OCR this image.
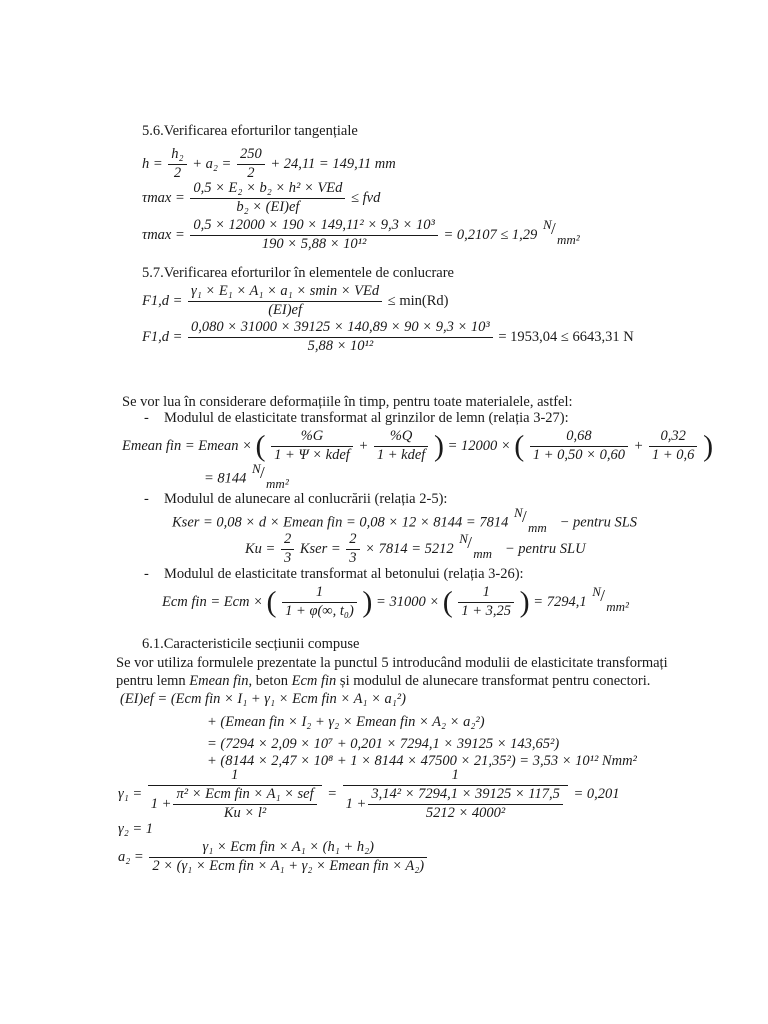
5.6.Verificarea eforturilor tangențiale
$h = \frac{\text{h₂}}{2} + a_2 = \frac{250}{2} + 24,11 = 149,11$ mm
τmax =
0,5 × E₂ × b₂ × h² × VEd
b₂ × (EI)ef
≤ fvd
$\tau\max = \frac{\text{0,5 × 12000 × 190 × 149,11² × 9,3 × 10³}}{\text{190 × 5,88 × 10¹²}} = 0,2107 \le 1,29$
N /
mm²
5.7.Verificarea eforturilor în elementele de conlucrare
F1,d =
γ₁ × E₁ × A₁ × a₁ × smin × VEd
(EI)ef
≤ min(Rd)
$F1,d = \frac{\text{0,080 × 31000 × 39125 × 140,89 × 90 × 9,3 × 10³}}{\text{5,88 × 10¹²}} = 1953,04 \le 6643,31$ N
Se vor lua în considerare deformațiile în timp, pentru toate materialele, astfel:
- Modulul de elasticitate transformat al grinzilor de lemn (relația 3-27):
Emean fin = Emean × (	%G
1 + Ψ × kdef
+
%Q
1 + kdef ) = 12000 × ( $\frac{0,68}{1 + 0,50 \times 0,60} + \frac{0,32}{1 + 0,6}$ )
= 8144
N /
mm²
- Modulul de alunecare al conlucrării (relația 2-5):
Kser = 0,08 × d × Emean fin = 0,08 × 12 × 8144 = 7814
N /
mm − pentru SLS
$Ku = \frac{2}{3}$ Kser = $\frac{2}{3} \times 7814 = 5212$
N /
mm − pentru SLU
- Modulul de elasticitate transformat al betonului (relația 3-26):
Ecm fin = Ecm × ( $\frac{1}{\text{1 + φ(∞, t₀)}}$ ) = 31000 × ( $\frac{1}{1 + 3,25}$ ) = 7294,1
N /
mm²
6.1.Caracteristicile secțiunii compuse
Se vor utiliza formulele prezentate la punctul 5 introducând modulii de elasticitate transformați
pentru lemn Emean fin, beton Ecm fin și modulul de alunecare transformat pentru conectori.
(EI)ef = (Ecm fin × I₁ + γ₁ × Ecm fin × A₁ × a₁²)
+ (Emean fin × I₂ + γ₂ × Emean fin × A₂ × a₂²)
= (7294 × 2,09 × 10⁷ + 0,201 × 7294,1 × 39125 × 143,65²)
+ (8144 × 2,47 × 10⁸ + 1 × 8144 × 47500 × 21,35²) = 3,53 × 10¹² Nmm²
γ₁ =
1
1 +
π² × Ecm fin × A₁ × sef
Ku × l²
= $\frac{1}{1 + \frac{\text{3,14² × 7294,1 × 39125 × 117,5}}{\text{5212 × 4000²}}} = 0,201$
γ₂ = 1
a₂ =
γ₁ × Ecm fin × A₁ × (h₁ + h₂)
2 × (γ₁ × Ecm fin × A₁ + γ₂ × Emean fin × A₂)
